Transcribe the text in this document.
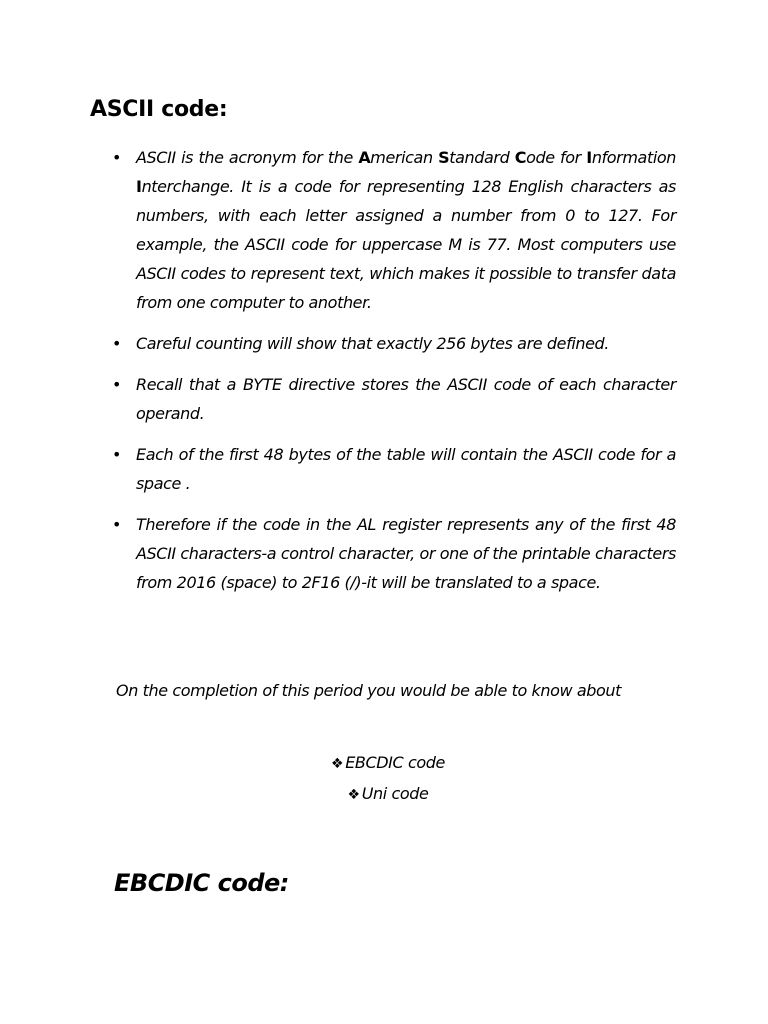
ASCII code:
• ASCII is the acronym for the American Standard Code for Information Interchange. It is a code for representing 128 English characters as numbers, with each letter assigned a number from 0 to 127. For example, the ASCII code for uppercase M is 77. Most computers use ASCII codes to represent text, which makes it possible to transfer data from one computer to another.
• Careful counting will show that exactly 256 bytes are defined.
• Recall that a BYTE directive stores the ASCII code of each character operand.
• Each of the first 48 bytes of the table will contain the ASCII code for a space .
• Therefore if the code in the AL register represents any of the first 48 ASCII characters-a control character, or one of the printable characters from 2016 (space) to 2F16 (/)-it will be translated to a space.

On the completion of this period you would be able to know about

❖ EBCDIC code
❖ Uni code
EBCDIC code:
